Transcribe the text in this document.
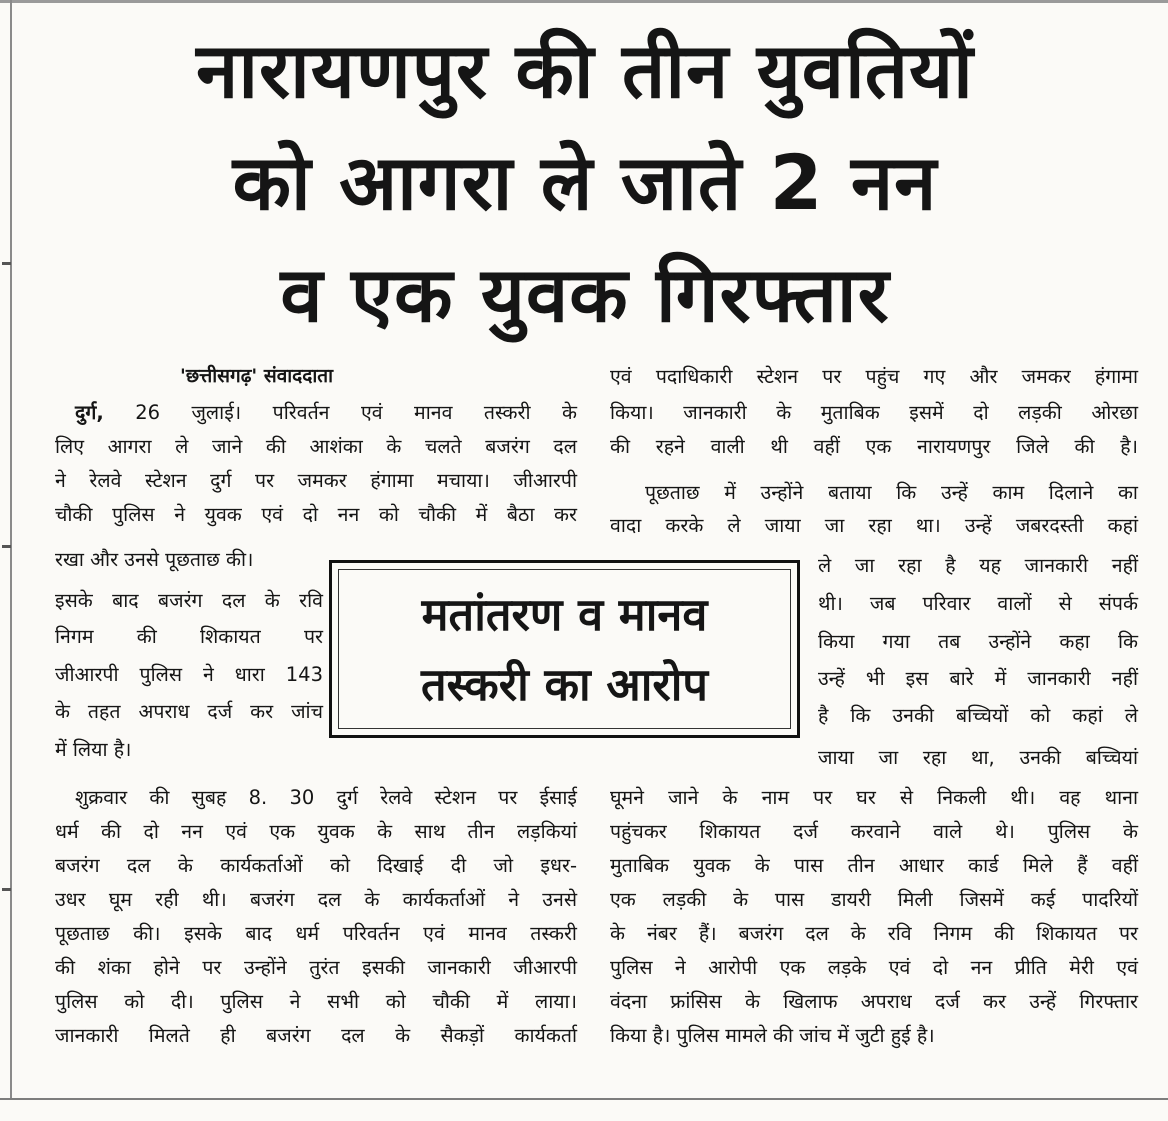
नारायणपुर की तीन युवतियों
को आगरा ले जाते 2 नन
व एक युवक गिरफ्तार
'छत्तीसगढ़' संवाददाता
दुर्ग, 26 जुलाई। परिवर्तन एवं मानव तस्करी के
लिए आगरा ले जाने की आशंका के चलते बजरंग दल
ने रेलवे स्टेशन दुर्ग पर जमकर हंगामा मचाया। जीआरपी
चौकी पुलिस ने युवक एवं दो नन को चौकी में बैठा कर
रखा और उनसे पूछताछ की।
इसके बाद बजरंग दल के रवि
निगम की शिकायत पर
जीआरपी पुलिस ने धारा 143
के तहत अपराध दर्ज कर जांच
में लिया है।
शुक्रवार की सुबह 8. 30 दुर्ग रेलवे स्टेशन पर ईसाई
धर्म की दो नन एवं एक युवक के साथ तीन लड़कियां
बजरंग दल के कार्यकर्ताओं को दिखाई दी जो इधर-
उधर घूम रही थी। बजरंग दल के कार्यकर्ताओं ने उनसे
पूछताछ की। इसके बाद धर्म परिवर्तन एवं मानव तस्करी
की शंका होने पर उन्होंने तुरंत इसकी जानकारी जीआरपी
पुलिस को दी। पुलिस ने सभी को चौकी में लाया।
जानकारी मिलते ही बजरंग दल के सैकड़ों कार्यकर्ता
मतांतरण व मानव
तस्करी का आरोप
एवं पदाधिकारी स्टेशन पर पहुंच गए और जमकर हंगामा
किया। जानकारी के मुताबिक इसमें दो लड़की ओरछा
की रहने वाली थी वहीं एक नारायणपुर जिले की है।
पूछताछ में उन्होंने बताया कि उन्हें काम दिलाने का
वादा करके ले जाया जा रहा था। उन्हें जबरदस्ती कहां
ले जा रहा है यह जानकारी नहीं
थी। जब परिवार वालों से संपर्क
किया गया तब उन्होंने कहा कि
उन्हें भी इस बारे में जानकारी नहीं
है कि उनकी बच्चियों को कहां ले
जाया जा रहा था, उनकी बच्चियां
घूमने जाने के नाम पर घर से निकली थी। वह थाना
पहुंचकर शिकायत दर्ज करवाने वाले थे। पुलिस के
मुताबिक युवक के पास तीन आधार कार्ड मिले हैं वहीं
एक लड़की के पास डायरी मिली जिसमें कई पादरियों
के नंबर हैं। बजरंग दल के रवि निगम की शिकायत पर
पुलिस ने आरोपी एक लड़के एवं दो नन प्रीति मेरी एवं
वंदना फ्रांसिस के खिलाफ अपराध दर्ज कर उन्हें गिरफ्तार
किया है। पुलिस मामले की जांच में जुटी हुई है।
